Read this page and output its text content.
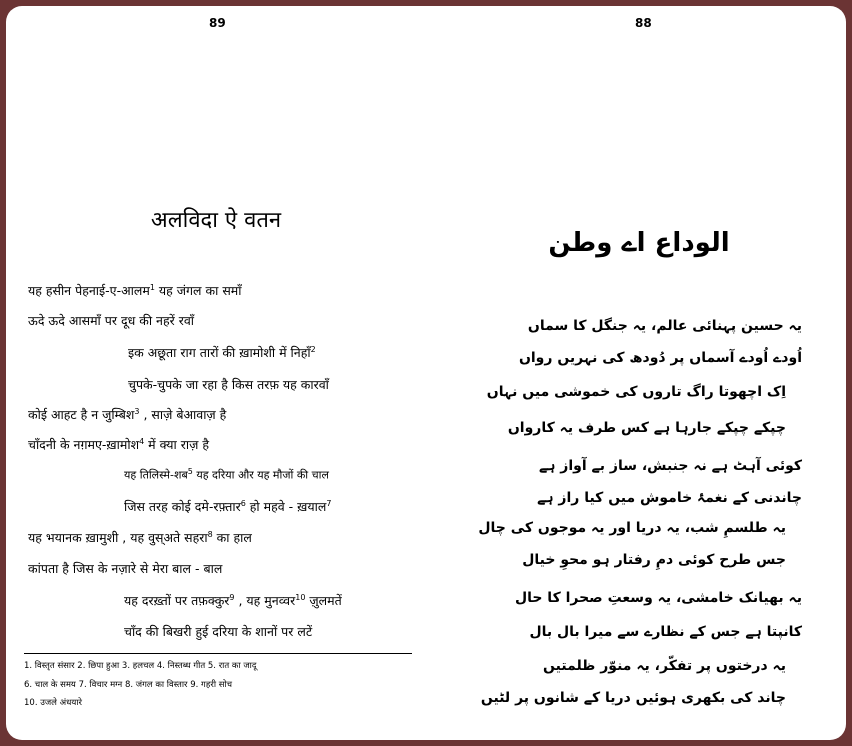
89
अलविदा ऐ वतन
यह हसीन पेहनाई-ए-आलम$^1$ यह जंगल का समाँ
ऊदे ऊदे आसमाँ पर दूध की नहरें रवाँ
इक अछूता राग तारों की ख़ामोशी में निहाँ$^2$
चुपके-चुपके जा रहा है किस तरफ़ यह कारवाँ
कोई आहट है न जुम्बिश$^3$ , साज़े बेआवाज़ है
चाँदनी के नग़मए-ख़ामोश$^4$ में क्या राज़ है
यह तिलिस्मे-शब$^5$ यह दरिया और यह मौजों की चाल
जिस तरह कोई दमे-रफ़्तार$^6$ हो महवे - ख़याल$^7$
यह भयानक ख़ामुशी , यह वुस्अते सहरा$^8$ का हाल
कांपता है जिस के नज़ारे से मेरा बाल - बाल
यह दरख़्तों पर तफ़क्कुर$^9$ , यह मुनव्वर$^{10}$ ज़ुलमतें
चाँद की बिखरी हुई दरिया के शानों पर लटें
1. विस्तृत संसार 2. छिपा हुआ 3. हलचल 4. निस्तब्ध गीत 5. रात का जादू
6. चाल के समय 7. विचार मग्न 8. जंगल का विस्तार 9. गहरी सोच
10. उजले अंधयारे
88
الوداع اے وطن
یہ حسین پہنائی عالم، یہ جنگل کا سماں
اُودے اُودے آسماں پر دُودھ کی نہریں رواں
اِک اچھوتا راگ تاروں کی خموشی میں نہاں
چپکے چپکے جارہا ہے کس طرف یہ کارواں
کوئی آہٹ ہے نہ جنبش، ساز بے آواز ہے
چاندنی کے نغمۂ خاموش میں کیا راز ہے
یہ طلسمِ شب، یہ دریا اور یہ موجوں کی چال
جس طرح کوئی دمِ رفتار ہو محوِ خیال
یہ بھیانک خامشی، یہ وسعتِ صحرا کا حال
کانپتا ہے جس کے نظارے سے میرا بال بال
یہ درختوں پر تفکّر، یہ منوّر ظلمتیں
چاند کی بکھری ہوئیں دریا کے شانوں پر لٹیں
